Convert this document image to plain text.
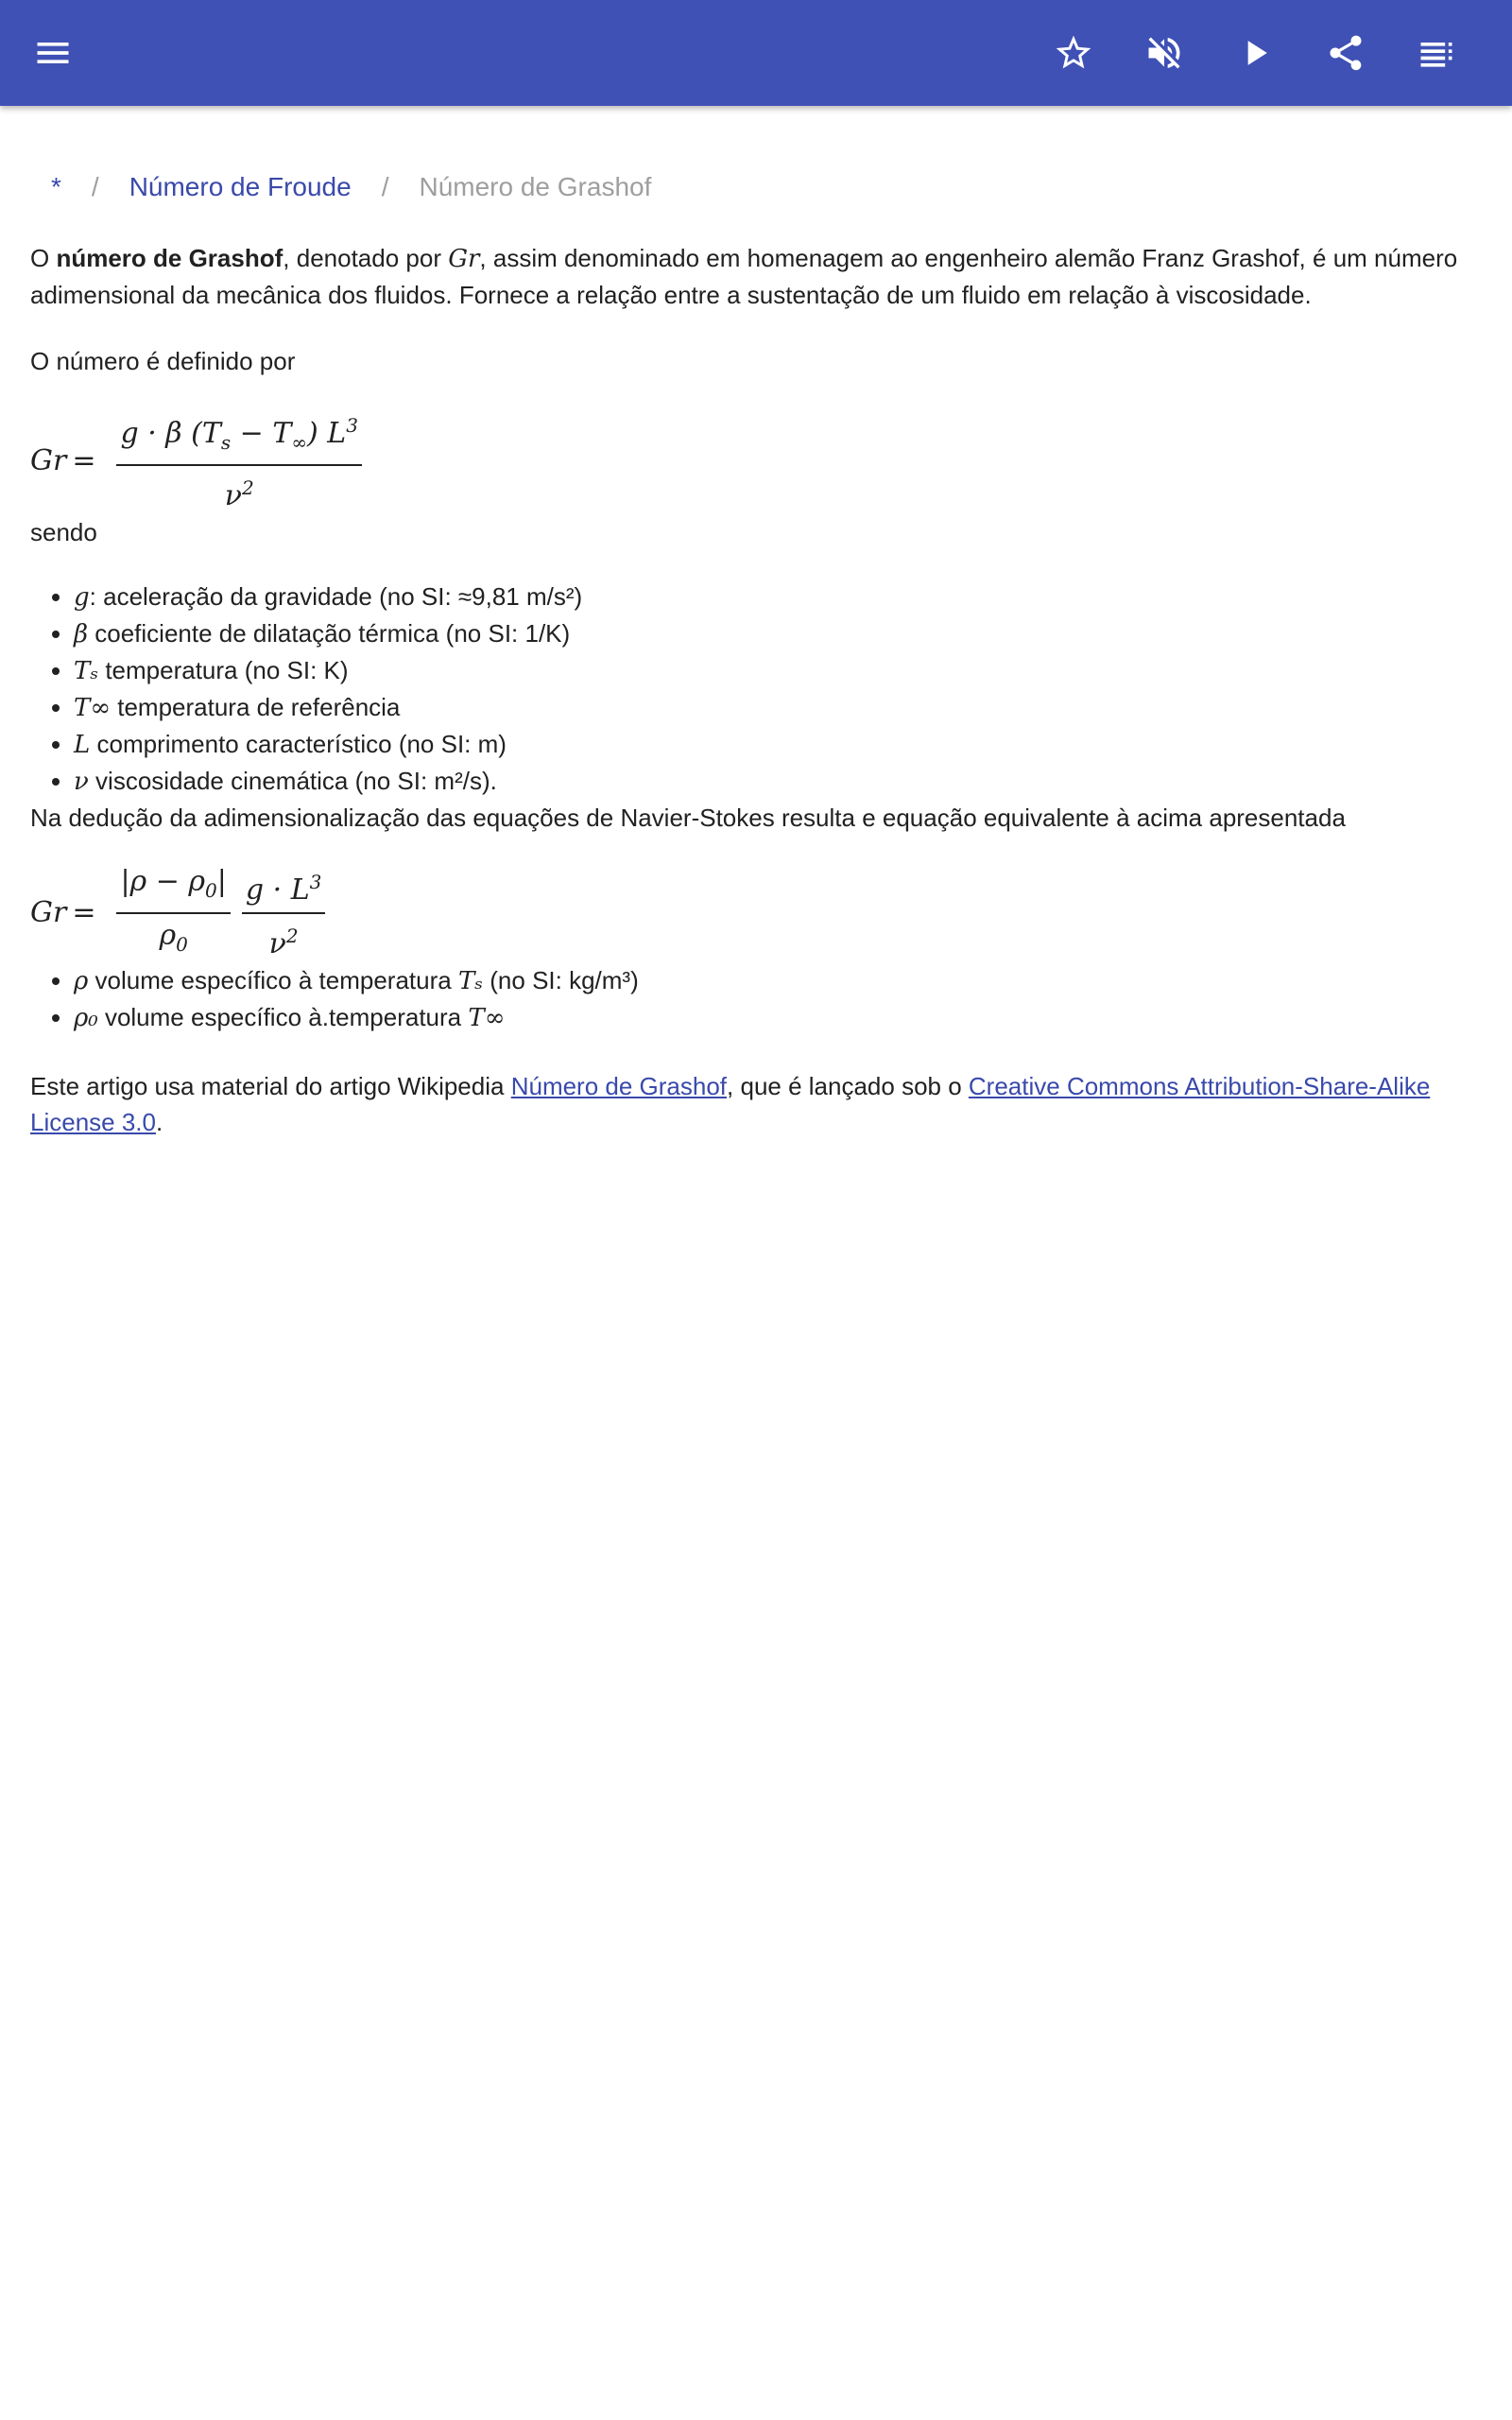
* / Número de Froude / Número de Grashof

O número de Grashof, denotado por Gr, assim denominado em homenagem ao engenheiro alemão Franz Grashof, é um número adimensional da mecânica dos fluidos. Fornece a relação entre a sustentação de um fluido em relação à viscosidade.

O número é definido por

$Gr = \frac{g \cdot \beta (T_s - T_\infty) L^3}{\nu^2}$

sendo

• g: aceleração da gravidade (no SI: ≈9,81 m/s²)
• β coeficiente de dilatação térmica (no SI: 1/K)
• Tₛ temperatura (no SI: K)
• T∞ temperatura de referência
• L comprimento característico (no SI: m)
• ν viscosidade cinemática (no SI: m²/s).

Na dedução da adimensionalização das equações de Navier-Stokes resulta e equação equivalente à acima apresentada

$Gr = \frac{|\rho - \rho_0|}{\rho_0} \frac{g \cdot L^3}{\nu^2}$
• ρ volume específico à temperatura Tₛ (no SI: kg/m³)
• ρ₀ volume específico à.temperatura T∞

Este artigo usa material do artigo Wikipedia Número de Grashof, que é lançado sob o Creative Commons Attribution-Share-Alike License 3.0.
